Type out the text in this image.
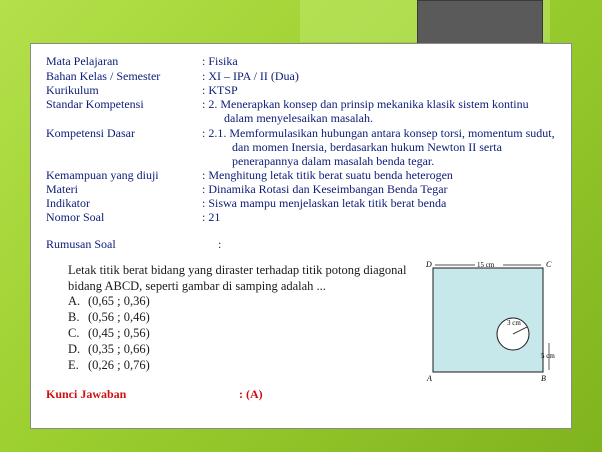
Mata Pelajaran	: Fisika
Bahan Kelas / Semester	: XI – IPA / II (Dua)
Kurikulum	: KTSP
Standar Kompetensi	: 2. Menerapkan konsep dan prinsip mekanika klasik sistem kontinu
dalam menyelesaikan masalah.
Kompetensi Dasar	: 2.1. Memformulasikan hubungan antara konsep torsi, momentum sudut,
dan momen Inersia, berdasarkan hukum Newton II serta
penerapannya dalam masalah benda tegar.
Kemampuan yang diuji	: Menghitung letak titik berat suatu benda heterogen
Materi	: Dinamika Rotasi dan Keseimbangan Benda Tegar
Indikator	: Siswa mampu menjelaskan letak titik berat benda
Nomor Soal	: 21
Rumusan Soal	:
Letak titik berat bidang yang diraster terhadap titik potong diagonal
bidang ABCD, seperti gambar di samping adalah ...
A. (0,65 ; 0,36)
B. (0,56 ; 0,46)
C. (0,45 ; 0,56)
D. (0,35 ; 0,66)
E. (0,26 ; 0,76)
Kunci Jawaban	: (A)
D	C
A	B
15 cm
3 cm
5 cm
